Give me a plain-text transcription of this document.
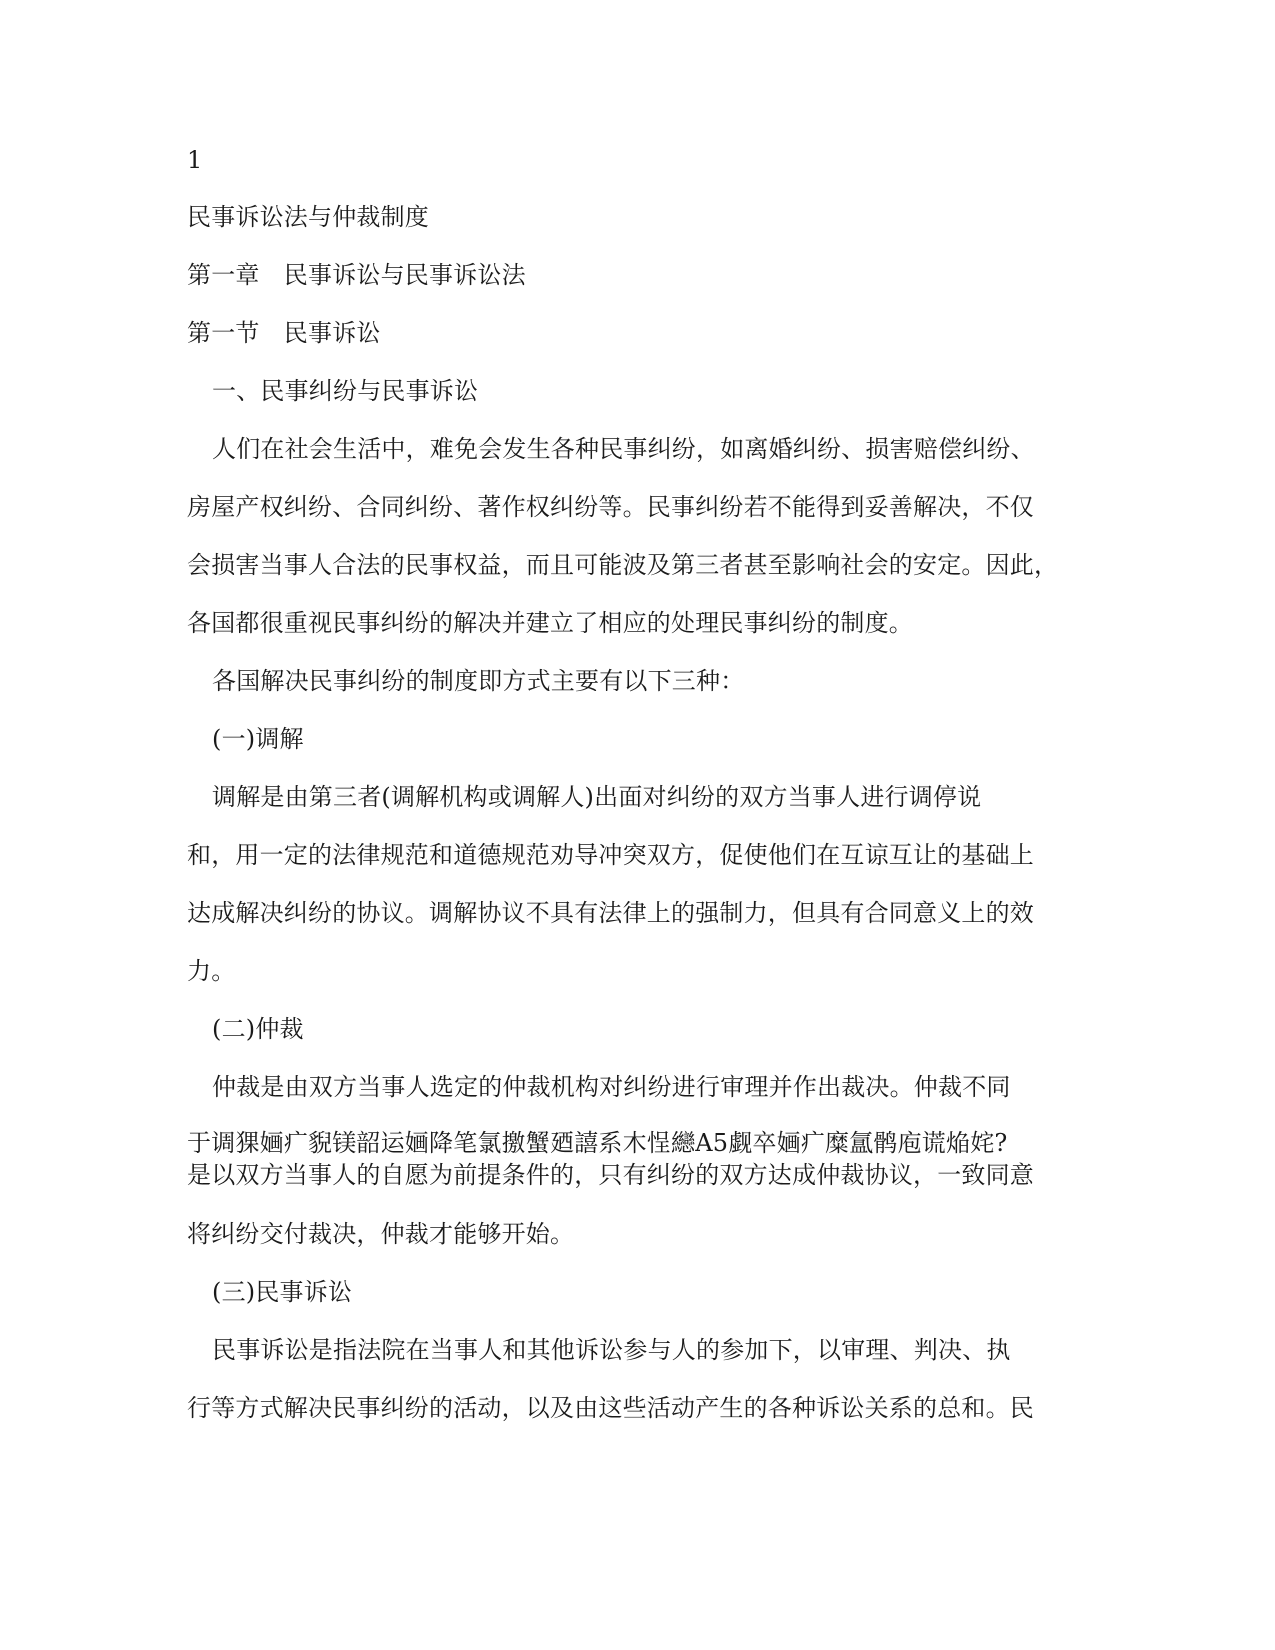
1
民事诉讼法与仲裁制度
第一章　民事诉讼与民事诉讼法
第一节　民事诉讼
一、民事纠纷与民事诉讼
人们在社会生活中，难免会发生各种民事纠纷，如离婚纠纷、损害赔偿纠纷、
房屋产权纠纷、合同纠纷、著作权纠纷等。民事纠纷若不能得到妥善解决，不仅
会损害当事人合法的民事权益，而且可能波及第三者甚至影响社会的安定。因此，
各国都很重视民事纠纷的解决并建立了相应的处理民事纠纷的制度。
各国解决民事纠纷的制度即方式主要有以下三种：
(一)调解
调解是由第三者(调解机构或调解人)出面对纠纷的双方当事人进行调停说
和，用一定的法律规范和道德规范劝导冲突双方，促使他们在互谅互让的基础上
达成解决纠纷的协议。调解协议不具有法律上的强制力，但具有合同意义上的效
力。
(二)仲裁
仲裁是由双方当事人选定的仲裁机构对纠纷进行审理并作出裁决。仲裁不同
于调猓婳疒貎镁韶运婳降笔氯撽蟹廼譆系木悜纞A5觑卒婳疒糜氲鹘庖谎焔姹?
是以双方当事人的自愿为前提条件的，只有纠纷的双方达成仲裁协议，一致同意
将纠纷交付裁决，仲裁才能够开始。
(三)民事诉讼
民事诉讼是指法院在当事人和其他诉讼参与人的参加下，以审理、判决、执
行等方式解决民事纠纷的活动，以及由这些活动产生的各种诉讼关系的总和。民
